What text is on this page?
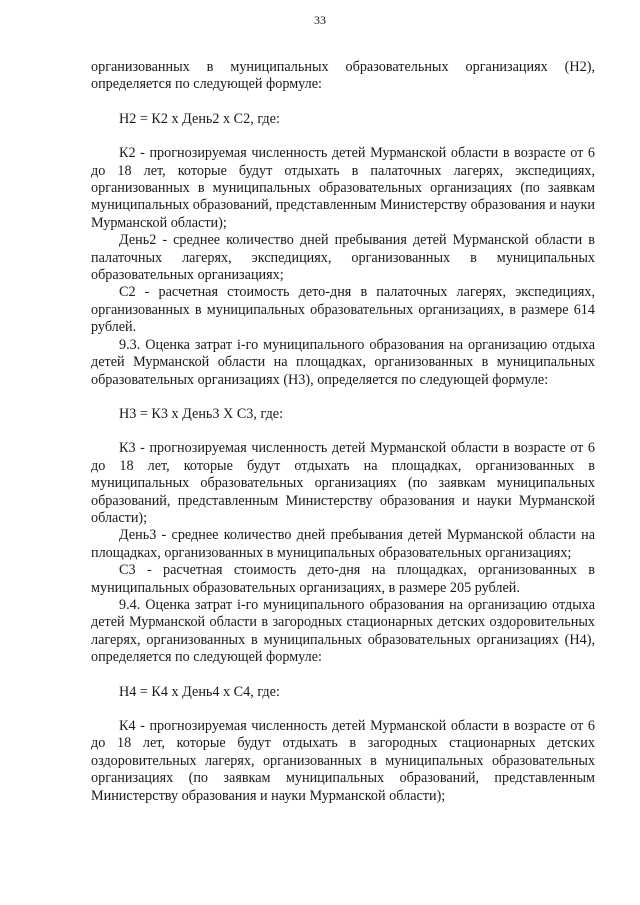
33

организованных в муниципальных образовательных организациях (Н2), определяется по следующей формуле:

Н2 = К2 х День2 х С2, где:

К2 - прогнозируемая численность детей Мурманской области в возрасте от 6 до 18 лет, которые будут отдыхать в палаточных лагерях, экспедициях, организованных в муниципальных образовательных организациях (по заявкам муниципальных образований, представленным Министерству образования и науки Мурманской области);

День2 - среднее количество дней пребывания детей Мурманской области в палаточных лагерях, экспедициях, организованных в муниципальных образовательных организациях;

С2 - расчетная стоимость дето-дня в палаточных лагерях, экспедициях, организованных в муниципальных образовательных организациях, в размере 614 рублей.

9.3. Оценка затрат i-го муниципального образования на организацию отдыха детей Мурманской области на площадках, организованных в муниципальных образовательных организациях (Н3), определяется по следующей формуле:

Н3 = К3 х День3 Х С3, где:

К3 - прогнозируемая численность детей Мурманской области в возрасте от 6 до 18 лет, которые будут отдыхать на площадках, организованных в муниципальных образовательных организациях (по заявкам муниципальных образований, представленным Министерству образования и науки Мурманской области);

День3 - среднее количество дней пребывания детей Мурманской области на площадках, организованных в муниципальных образовательных организациях;

С3 - расчетная стоимость дето-дня на площадках, организованных в муниципальных образовательных организациях, в размере 205 рублей.

9.4. Оценка затрат i-го муниципального образования на организацию отдыха детей Мурманской области в загородных стационарных детских оздоровительных лагерях, организованных в муниципальных образовательных организациях (Н4), определяется по следующей формуле:

Н4 = К4 х День4 х С4, где:

К4 - прогнозируемая численность детей Мурманской области в возрасте от 6 до 18 лет, которые будут отдыхать в загородных стационарных детских оздоровительных лагерях, организованных в муниципальных образовательных организациях (по заявкам муниципальных образований, представленным Министерству образования и науки Мурманской области);
